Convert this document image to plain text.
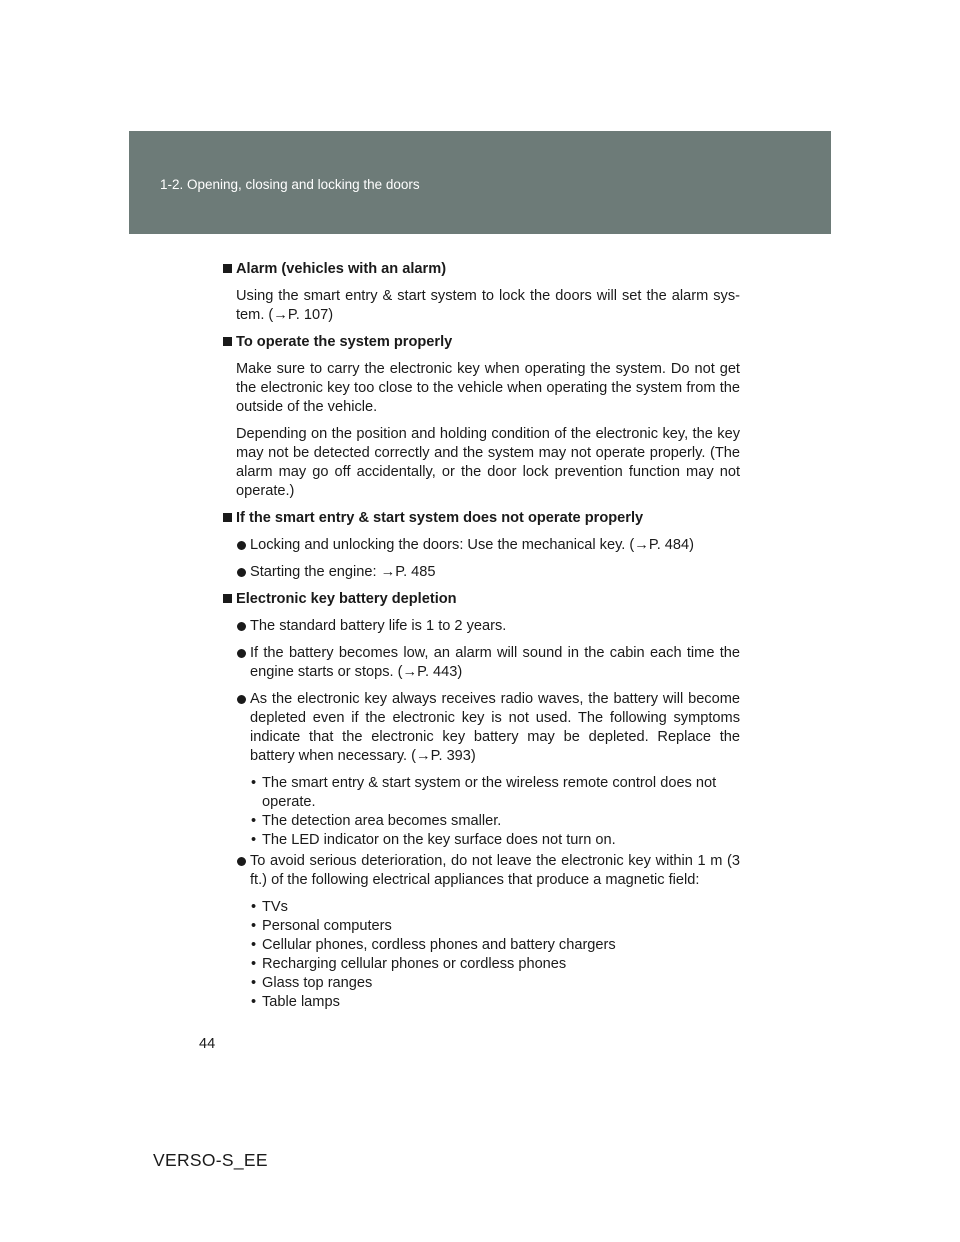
1-2. Opening, closing and locking the doors
Alarm (vehicles with an alarm)

Using the smart entry & start system to lock the doors will set the alarm sys-tem. (→P. 107)

To operate the system properly

Make sure to carry the electronic key when operating the system. Do not get the electronic key too close to the vehicle when operating the system from the outside of the vehicle.

Depending on the position and holding condition of the electronic key, the key may not be detected correctly and the system may not operate properly. (The alarm may go off accidentally, or the door lock prevention function may not operate.)

If the smart entry & start system does not operate properly
Locking and unlocking the doors: Use the mechanical key. (→P. 484)
Starting the engine: →P. 485
Electronic key battery depletion
The standard battery life is 1 to 2 years.
If the battery becomes low, an alarm will sound in the cabin each time the engine starts or stops. (→P. 443)
As the electronic key always receives radio waves, the battery will become depleted even if the electronic key is not used. The following symptoms indicate that the electronic key battery may be depleted. Replace the battery when necessary. (→P. 393)
• The smart entry & start system or the wireless remote control does not operate.
• The detection area becomes smaller.
• The LED indicator on the key surface does not turn on.
To avoid serious deterioration, do not leave the electronic key within 1 m (3 ft.) of the following electrical appliances that produce a magnetic field:
• TVs
• Personal computers
• Cellular phones, cordless phones and battery chargers
• Recharging cellular phones or cordless phones
• Glass top ranges
• Table lamps
44
VERSO-S_EE
